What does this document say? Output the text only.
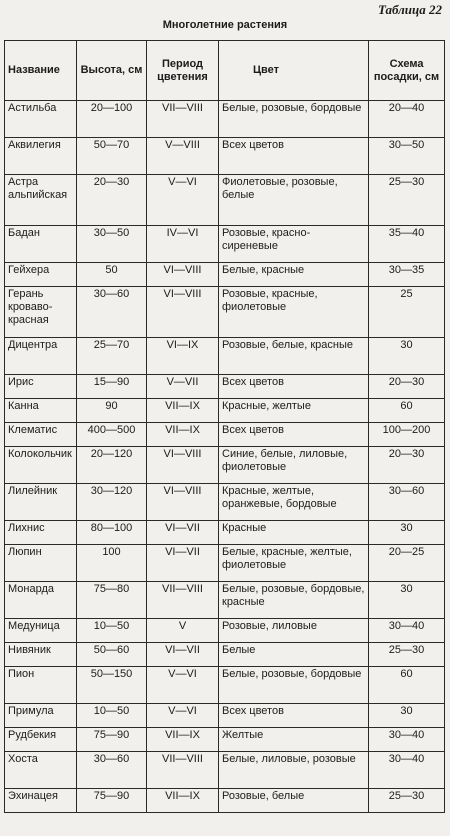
Таблица 22
Многолетние растения
Название	Высота, см	Период цветения	Цвет	Схема посадки, см
Астильба	20—100	VII—VIII	Белые, розовые, бордовые	20—40
Аквилегия	50—70	V—VIII	Всех цветов	30—50
Астра альпийская	20—30	V—VI	Фиолетовые, розовые, белые	25—30
Бадан	30—50	IV—VI	Розовые, красно-сиреневые	35—40
Гейхера	50	VI—VIII	Белые, красные	30—35
Герань кроваво-красная	30—60	VI—VIII	Розовые, красные, фиолетовые	25
Дицентра	25—70	VI—IX	Розовые, белые, красные	30
Ирис	15—90	V—VII	Всех цветов	20—30
Канна	90	VII—IX	Красные, желтые	60
Клематис	400—500	VII—IX	Всех цветов	100—200
Колокольчик	20—120	VI—VIII	Синие, белые, лиловые, фиолетовые	20—30
Лилейник	30—120	VI—VIII	Красные, желтые, оранжевые, бордовые	30—60
Лихнис	80—100	VI—VII	Красные	30
Люпин	100	VI—VII	Белые, красные, желтые, фиолетовые	20—25
Монарда	75—80	VII—VIII	Белые, розовые, бордовые, красные	30
Медуница	10—50	V	Розовые, лиловые	30—40
Нивяник	50—60	VI—VII	Белые	25—30
Пион	50—150	V—VI	Белые, розовые, бордовые	60
Примула	10—50	V—VI	Всех цветов	30
Рудбекия	75—90	VII—IX	Желтые	30—40
Хоста	30—60	VII—VIII	Белые, лиловые, розовые	30—40
Эхинацея	75—90	VII—IX	Розовые, белые	25—30
